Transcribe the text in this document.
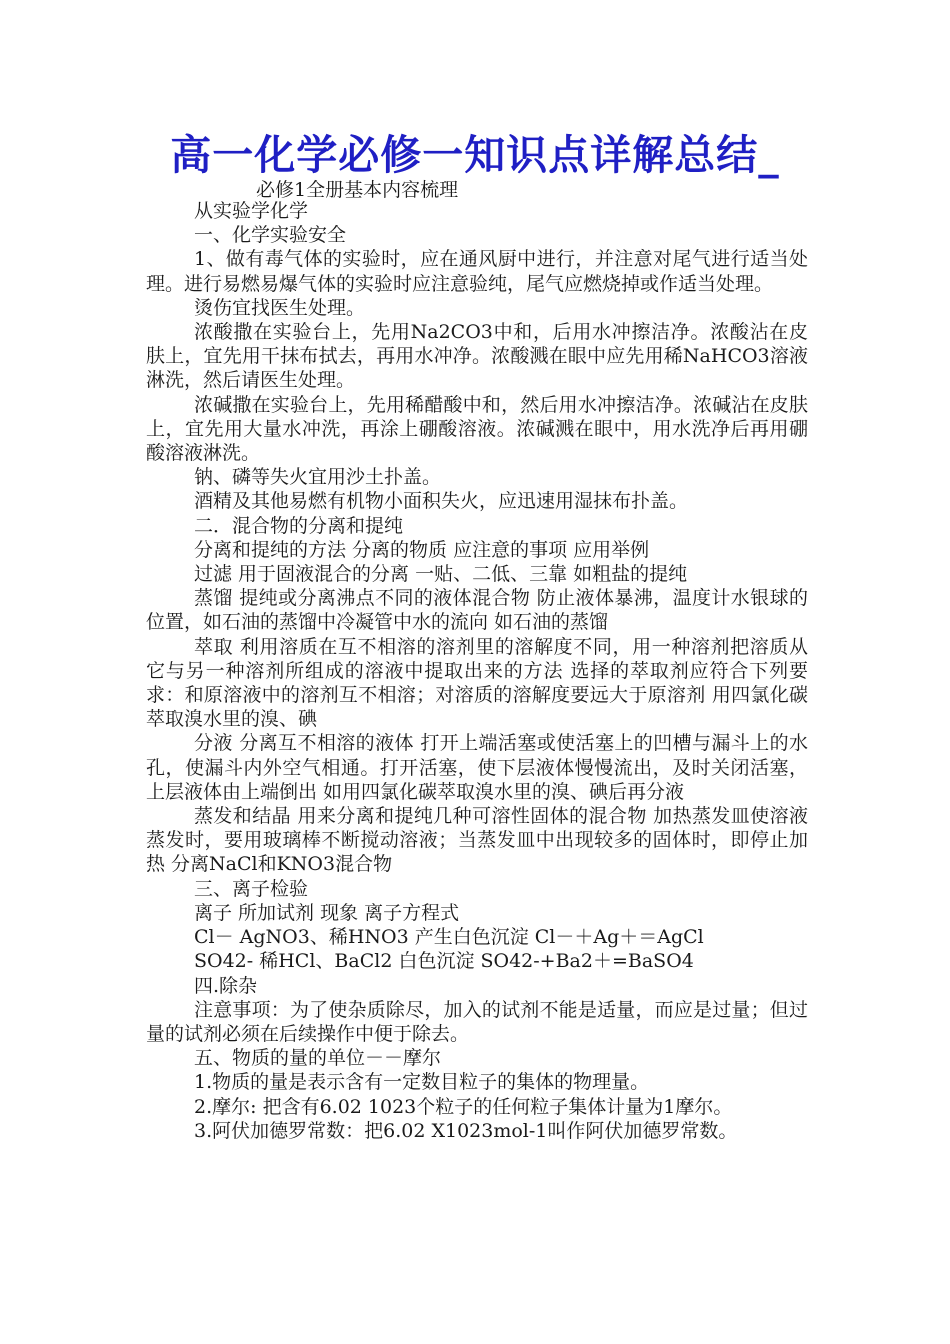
高一化学必修一知识点详解总结_
必修1全册基本内容梳理

从实验学化学

一、化学实验安全

1、做有毒气体的实验时，应在通风厨中进行，并注意对尾气进行适当处理。进行易燃易爆气体的实验时应注意验纯，尾气应燃烧掉或作适当处理。

烫伤宜找医生处理。

浓酸撒在实验台上，先用Na2CO3中和，后用水冲擦洁净。浓酸沾在皮肤上，宜先用干抹布拭去，再用水冲净。浓酸溅在眼中应先用稀NaHCO3溶液淋洗，然后请医生处理。

浓碱撒在实验台上，先用稀醋酸中和，然后用水冲擦洁净。浓碱沾在皮肤上，宜先用大量水冲洗，再涂上硼酸溶液。浓碱溅在眼中，用水洗净后再用硼酸溶液淋洗。

钠、磷等失火宜用沙土扑盖。

酒精及其他易燃有机物小面积失火，应迅速用湿抹布扑盖。

二．混合物的分离和提纯

分离和提纯的方法 分离的物质 应注意的事项 应用举例

过滤 用于固液混合的分离 一贴、二低、三靠 如粗盐的提纯

蒸馏 提纯或分离沸点不同的液体混合物 防止液体暴沸，温度计水银球的位置，如石油的蒸馏中冷凝管中水的流向 如石油的蒸馏

萃取 利用溶质在互不相溶的溶剂里的溶解度不同，用一种溶剂把溶质从它与另一种溶剂所组成的溶液中提取出来的方法 选择的萃取剂应符合下列要求：和原溶液中的溶剂互不相溶；对溶质的溶解度要远大于原溶剂 用四氯化碳萃取溴水里的溴、碘

分液 分离互不相溶的液体 打开上端活塞或使活塞上的凹槽与漏斗上的水孔，使漏斗内外空气相通。打开活塞，使下层液体慢慢流出，及时关闭活塞，上层液体由上端倒出 如用四氯化碳萃取溴水里的溴、碘后再分液

蒸发和结晶 用来分离和提纯几种可溶性固体的混合物 加热蒸发皿使溶液蒸发时，要用玻璃棒不断搅动溶液；当蒸发皿中出现较多的固体时，即停止加热 分离NaCl和KNO3混合物

三、离子检验

离子 所加试剂 现象 离子方程式

Cl－ AgNO3、稀HNO3 产生白色沉淀 Cl－＋Ag＋＝AgCl

SO42- 稀HCl、BaCl2 白色沉淀 SO42-+Ba2＋=BaSO4

四.除杂

注意事项：为了使杂质除尽，加入的试剂不能是适量，而应是过量；但过量的试剂必须在后续操作中便于除去。

五、物质的量的单位－－摩尔

1.物质的量是表示含有一定数目粒子的集体的物理量。

2.摩尔: 把含有6.02 1023个粒子的任何粒子集体计量为1摩尔。

3.阿伏加德罗常数：把6.02 X1023mol-1叫作阿伏加德罗常数。
